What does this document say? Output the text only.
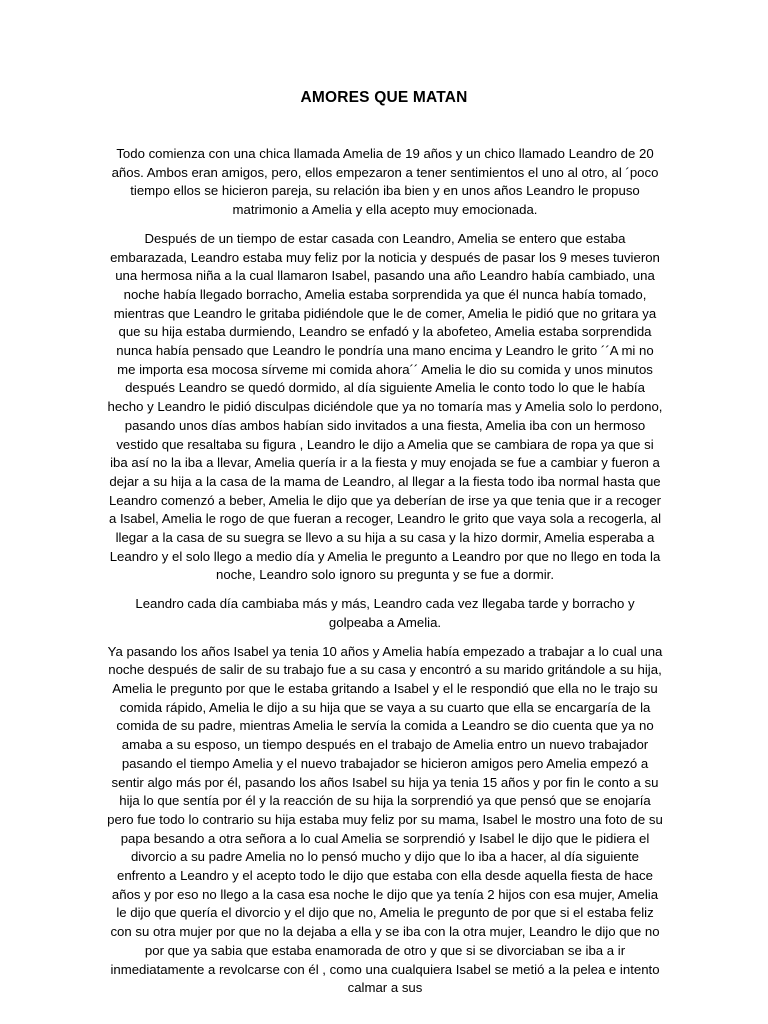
AMORES QUE MATAN

Todo comienza con una chica llamada Amelia de 19 años y un chico llamado Leandro de 20 años. Ambos eran amigos, pero, ellos empezaron a tener sentimientos el uno al otro, al ´poco tiempo ellos se hicieron pareja, su relación iba bien y en unos años Leandro le propuso matrimonio a Amelia y ella acepto muy emocionada.

Después de un tiempo de estar casada con Leandro, Amelia se entero que estaba embarazada, Leandro estaba muy feliz por la noticia y después de pasar los 9 meses tuvieron una hermosa niña a la cual llamaron Isabel, pasando una año Leandro había cambiado, una noche había llegado borracho, Amelia estaba sorprendida ya que él nunca había tomado, mientras que Leandro le gritaba pidiéndole que le de comer, Amelia le pidió que no gritara ya que su hija estaba durmiendo, Leandro se enfadó y la abofeteo, Amelia estaba sorprendida nunca había pensado que Leandro le pondría una mano encima y Leandro le grito ´´A mi no me importa esa mocosa sírveme mi comida ahora´´ Amelia le dio su comida y unos minutos después Leandro se quedó dormido, al día siguiente Amelia le conto todo lo que le había hecho y Leandro le pidió disculpas diciéndole que ya no tomaría mas y Amelia solo lo perdono, pasando unos días ambos habían sido invitados a una fiesta, Amelia iba con un hermoso vestido que resaltaba su figura , Leandro le dijo a Amelia que se cambiara de ropa ya que si iba así no la iba a llevar, Amelia quería ir a la fiesta y muy enojada se fue a cambiar y fueron a dejar a su hija a la casa de la mama de Leandro, al llegar a la fiesta todo iba normal hasta que Leandro comenzó a beber, Amelia le dijo que ya deberían de irse ya que tenia que ir a recoger a Isabel, Amelia le rogo de que fueran a recoger, Leandro le grito que vaya sola a recogerla, al llegar a la casa de su suegra se llevo a su hija a su casa y la hizo dormir, Amelia esperaba a Leandro y el solo llego a medio día y Amelia le pregunto a Leandro por que no llego en toda la noche, Leandro solo ignoro su pregunta y se fue a dormir.

Leandro cada día cambiaba más y más, Leandro cada vez llegaba tarde y borracho y golpeaba a Amelia.

Ya pasando los años Isabel ya tenia 10 años y Amelia había empezado a trabajar a lo cual una noche después de salir de su trabajo fue a su casa y encontró a su marido gritándole a su hija, Amelia le pregunto por que le estaba gritando a Isabel y el le respondió que ella no le trajo su comida rápido, Amelia le dijo a su hija que se vaya a su cuarto que ella se encargaría de la comida de su padre, mientras Amelia le servía la comida a Leandro se dio cuenta que ya no amaba a su esposo, un tiempo después en el trabajo de Amelia entro un nuevo trabajador pasando el tiempo Amelia y el nuevo trabajador se hicieron amigos pero Amelia empezó a sentir algo más por él, pasando los años Isabel su hija ya tenia 15 años y por fin le conto a su hija lo que sentía por él y la reacción de su hija la sorprendió ya que pensó que se enojaría pero fue todo lo contrario su hija estaba muy feliz por su mama, Isabel le mostro una foto de su papa besando a otra señora a lo cual Amelia se sorprendió y Isabel le dijo que le pidiera el divorcio a su padre Amelia no lo pensó mucho y dijo que lo iba a hacer, al día siguiente enfrento a Leandro y el acepto todo le dijo que estaba con ella desde aquella fiesta de hace años y por eso no llego a la casa esa noche le dijo que ya tenía 2 hijos con esa mujer, Amelia le dijo que quería el divorcio y el dijo que no, Amelia le pregunto de por que si el estaba feliz con su otra mujer por que no la dejaba a ella y se iba con la otra mujer, Leandro le dijo que no por que ya sabia que estaba enamorada de otro y que si se divorciaban se iba a ir inmediatamente a revolcarse con él , como una cualquiera Isabel se metió a la pelea e intento calmar a sus
